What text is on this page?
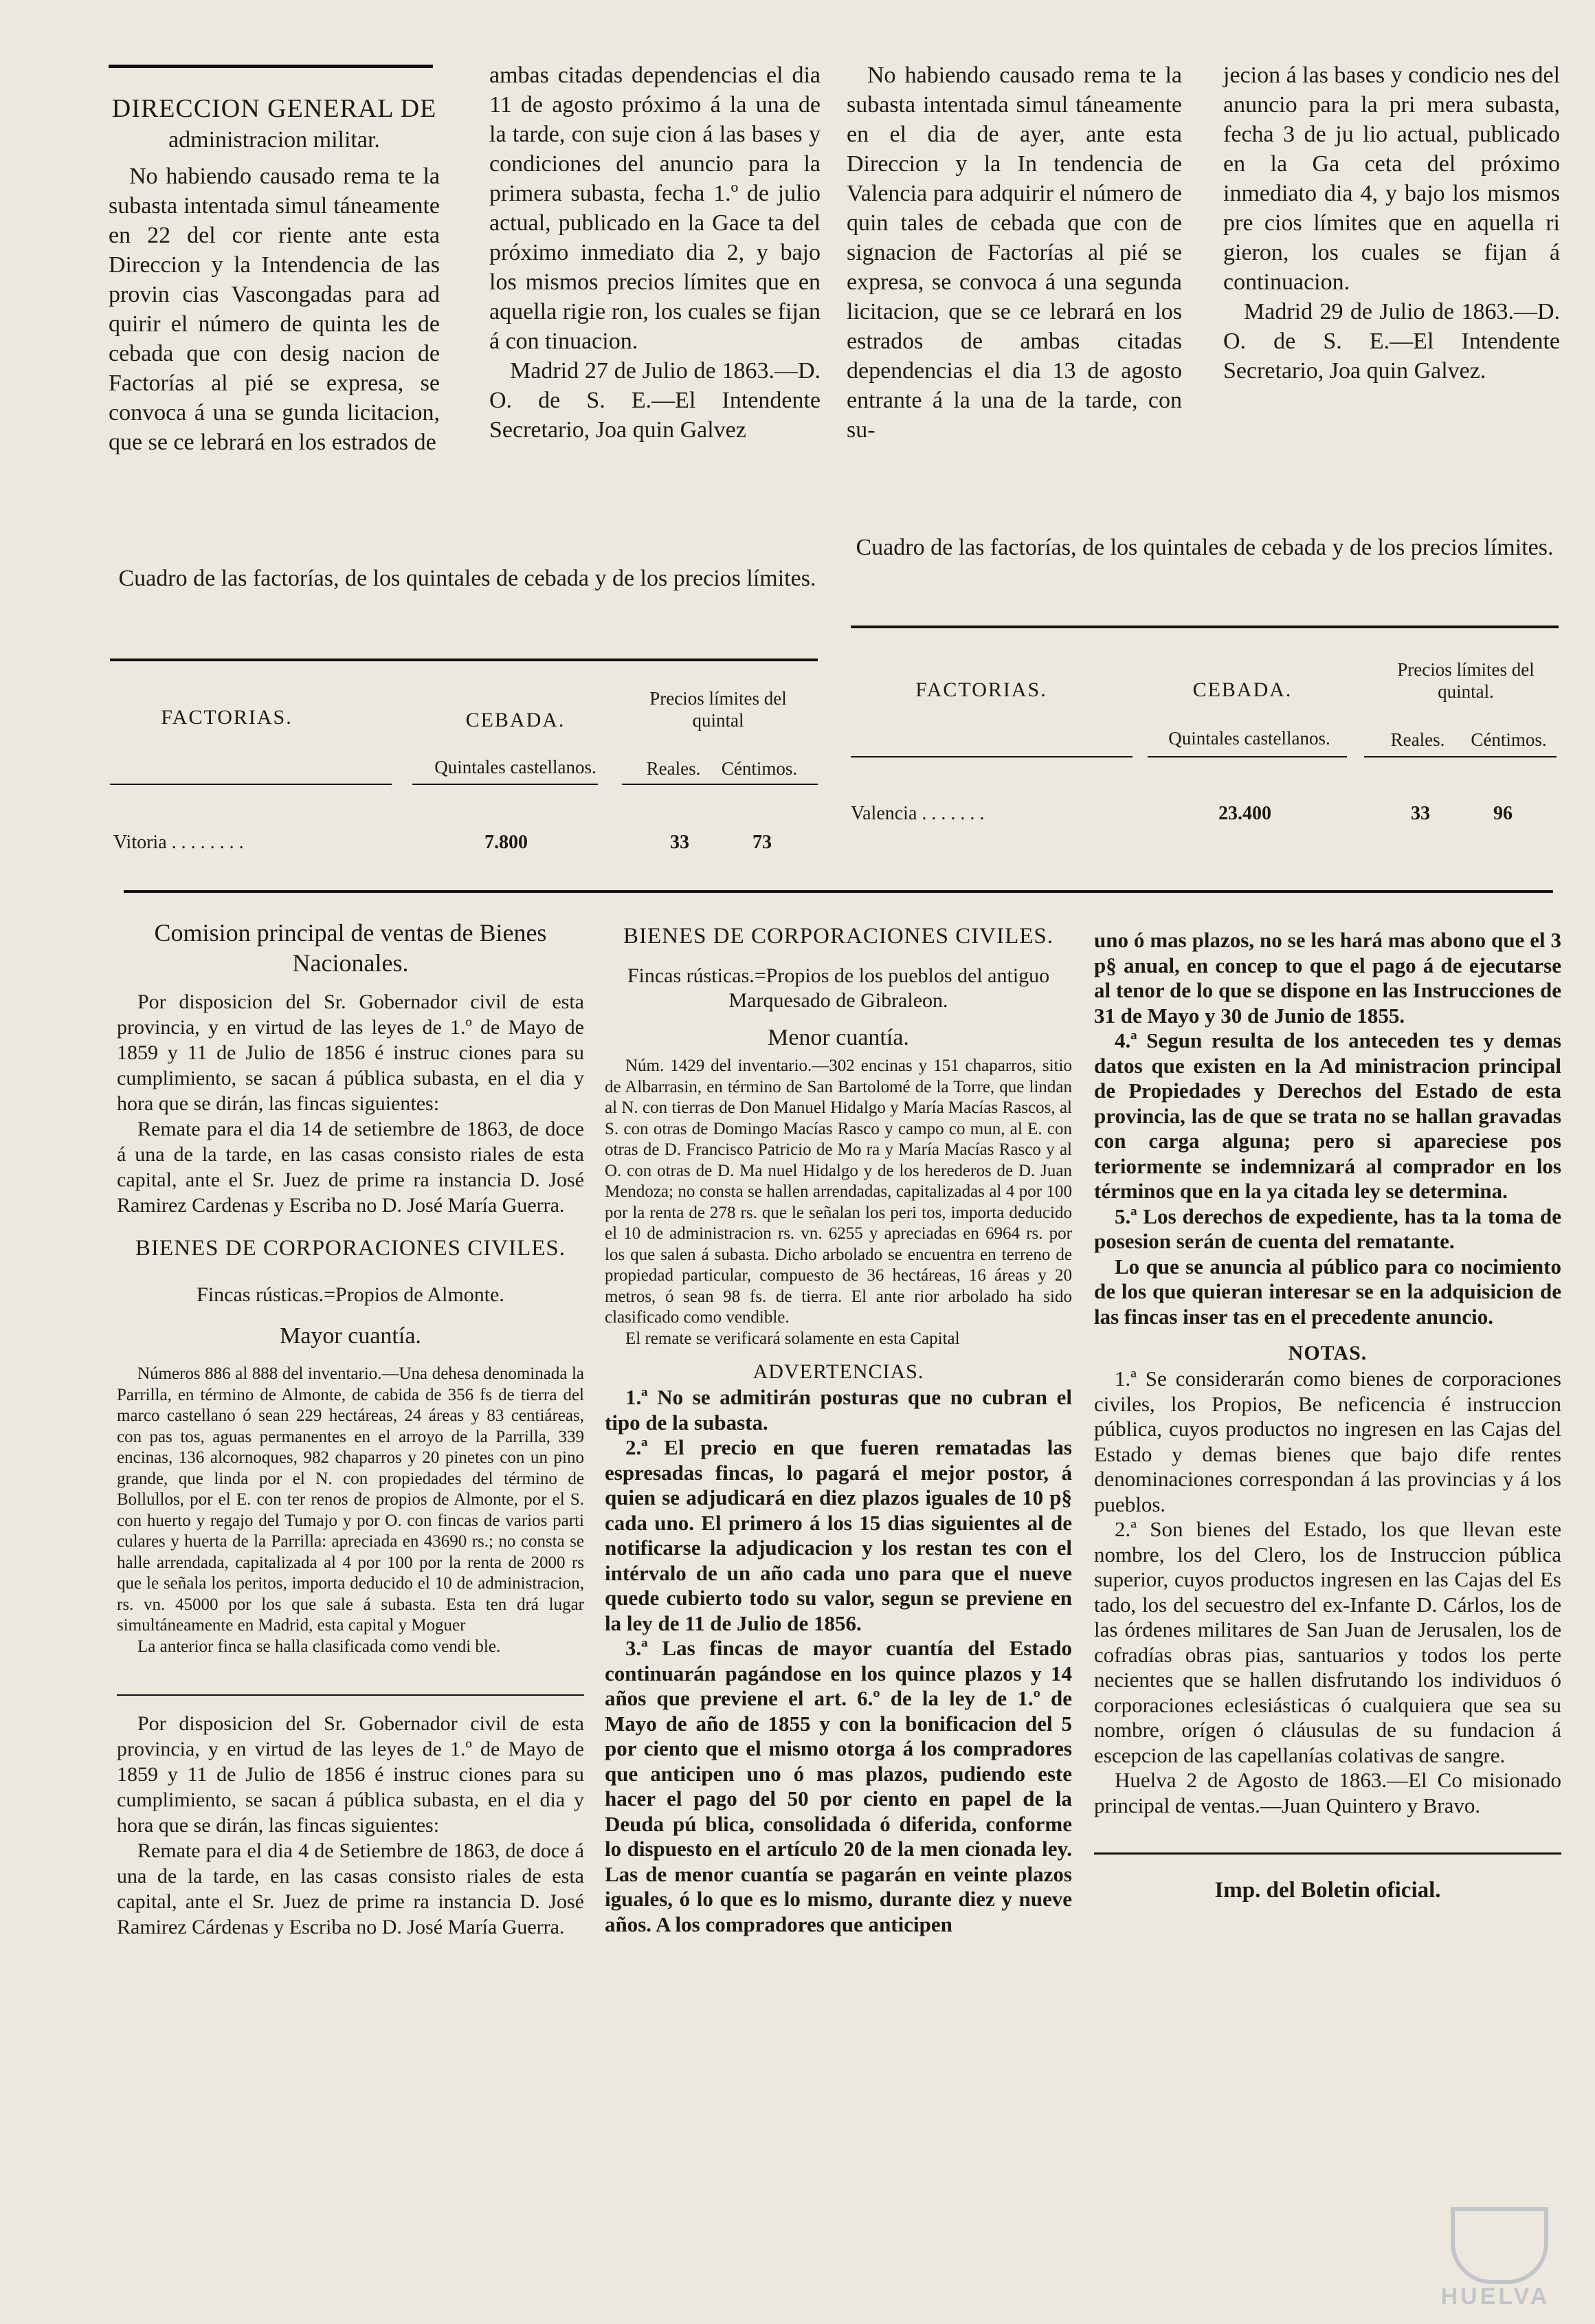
DIRECCION GENERAL DE
administracion militar.

No habiendo causado rema te la subasta intentada simul táneamente en 22 del cor riente ante esta Direccion y la Intendencia de las provin cias Vascongadas para ad quirir el número de quinta les de cebada que con desig nacion de Factorías al pié se expresa, se convoca á una se gunda licitacion, que se ce lebrará en los estrados de

ambas citadas dependencias el dia 11 de agosto próximo á la una de la tarde, con suje cion á las bases y condiciones del anuncio para la primera subasta, fecha 1.º de julio actual, publicado en la Gace ta del próximo inmediato dia 2, y bajo los mismos precios límites que en aquella rigie ron, los cuales se fijan á con tinuacion.

Madrid 27 de Julio de 1863.—D. O. de S. E.—El Intendente Secretario, Joa quin Galvez

No habiendo causado rema te la subasta intentada simul táneamente en el dia de ayer, ante esta Direccion y la In tendencia de Valencia para adquirir el número de quin tales de cebada que con de signacion de Factorías al pié se expresa, se convoca á una segunda licitacion, que se ce lebrará en los estrados de ambas citadas dependencias el dia 13 de agosto entrante á la una de la tarde, con su-

jecion á las bases y condicio nes del anuncio para la pri mera subasta, fecha 3 de ju lio actual, publicado en la Ga ceta del próximo inmediato dia 4, y bajo los mismos pre cios límites que en aquella ri gieron, los cuales se fijan á continuacion.

Madrid 29 de Julio de 1863.—D. O. de S. E.—El Intendente Secretario, Joa quin Galvez.

Cuadro de las factorías, de los quintales de cebada y de los precios límites.
FACTORIAS.	CEBADA.
Quintales castellanos.
Precios límites del quintal
Reales.	Céntimos.
Vitoria . . . . . . . .	7.800	33	73
Cuadro de las factorías, de los quintales de cebada y de los precios límites.
FACTORIAS.	CEBADA.
Quintales castellanos.
Precios límites del quintal.
Reales.	Céntimos.
Valencia . . . . . . .	23.400	33	96
Comision principal de ventas de Bienes Nacionales.

Por disposicion del Sr. Gobernador civil de esta provincia, y en virtud de las leyes de 1.º de Mayo de 1859 y 11 de Julio de 1856 é instruc ciones para su cumplimiento, se sacan á pública subasta, en el dia y hora que se dirán, las fincas siguientes:

Remate para el dia 14 de setiembre de 1863, de doce á una de la tarde, en las casas consisto riales de esta capital, ante el Sr. Juez de prime ra instancia D. José Ramirez Cardenas y Escriba no D. José María Guerra.

BIENES DE CORPORACIONES CIVILES.
Fincas rústicas.=Propios de Almonte.
Mayor cuantía.

Números 886 al 888 del inventario.—Una dehesa denominada la Parrilla, en término de Almonte, de cabida de 356 fs de tierra del marco castellano ó sean 229 hectáreas, 24 áreas y 83 centiáreas, con pas tos, aguas permanentes en el arroyo de la Parrilla, 339 encinas, 136 alcornoques, 982 chaparros y 20 pinetes con un pino grande, que linda por el N. con propiedades del término de Bollullos, por el E. con ter renos de propios de Almonte, por el S. con huerto y regajo del Tumajo y por O. con fincas de varios parti culares y huerta de la Parrilla: apreciada en 43690 rs.; no consta se halle arrendada, capitalizada al 4 por 100 por la renta de 2000 rs que le señala los peritos, importa deducido el 10 de administracion, rs. vn. 45000 por los que sale á subasta. Esta ten drá lugar simultáneamente en Madrid, esta capital y Moguer

La anterior finca se halla clasificada como vendi ble.

Por disposicion del Sr. Gobernador civil de esta provincia, y en virtud de las leyes de 1.º de Mayo de 1859 y 11 de Julio de 1856 é instruc ciones para su cumplimiento, se sacan á pública subasta, en el dia y hora que se dirán, las fincas siguientes:

Remate para el dia 4 de Setiembre de 1863, de doce á una de la tarde, en las casas consisto riales de esta capital, ante el Sr. Juez de prime ra instancia D. José Ramirez Cárdenas y Escriba no D. José María Guerra.

BIENES DE CORPORACIONES CIVILES.
Fincas rústicas.=Propios de los pueblos del antiguo Marquesado de Gibraleon.
Menor cuantía.

Núm. 1429 del inventario.—302 encinas y 151 chaparros, sitio de Albarrasin, en término de San Bartolomé de la Torre, que lindan al N. con tierras de Don Manuel Hidalgo y María Macías Rascos, al S. con otras de Domingo Macías Rasco y campo co mun, al E. con otras de D. Francisco Patricio de Mo ra y María Macías Rasco y al O. con otras de D. Ma nuel Hidalgo y de los herederos de D. Juan Mendoza; no consta se hallen arrendadas, capitalizadas al 4 por 100 por la renta de 278 rs. que le señalan los peri tos, importa deducido el 10 de administracion rs. vn. 6255 y apreciadas en 6964 rs. por los que salen á subasta. Dicho arbolado se encuentra en terreno de propiedad particular, compuesto de 36 hectáreas, 16 áreas y 20 metros, ó sean 98 fs. de tierra. El ante rior arbolado ha sido clasificado como vendible.

El remate se verificará solamente en esta Capital

ADVERTENCIAS.

1.ª No se admitirán posturas que no cubran el tipo de la subasta.

2.ª El precio en que fueren rematadas las espresadas fincas, lo pagará el mejor postor, á quien se adjudicará en diez plazos iguales de 10 p§ cada uno. El primero á los 15 dias siguientes al de notificarse la adjudicacion y los restan tes con el intérvalo de un año cada uno para que el nueve quede cubierto todo su valor, segun se previene en la ley de 11 de Julio de 1856.

3.ª Las fincas de mayor cuantía del Estado continuarán pagándose en los quince plazos y 14 años que previene el art. 6.º de la ley de 1.º de Mayo de año de 1855 y con la bonificacion del 5 por ciento que el mismo otorga á los compradores que anticipen uno ó mas plazos, pudiendo este hacer el pago del 50 por ciento en papel de la Deuda pú blica, consolidada ó diferida, conforme lo dispuesto en el artículo 20 de la men cionada ley. Las de menor cuantía se pagarán en veinte plazos iguales, ó lo que es lo mismo, durante diez y nueve años. A los compradores que anticipen

uno ó mas plazos, no se les hará mas abono que el 3 p§ anual, en concep to que el pago á de ejecutarse al tenor de lo que se dispone en las Instrucciones de 31 de Mayo y 30 de Junio de 1855.

4.ª Segun resulta de los anteceden tes y demas datos que existen en la Ad ministracion principal de Propiedades y Derechos del Estado de esta provincia, las de que se trata no se hallan gravadas con carga alguna; pero si apareciese pos teriormente se indemnizará al comprador en los términos que en la ya citada ley se determina.

5.ª Los derechos de expediente, has ta la toma de posesion serán de cuenta del rematante.

Lo que se anuncia al público para co nocimiento de los que quieran interesar se en la adquisicion de las fincas inser tas en el precedente anuncio.

NOTAS.

1.ª Se considerarán como bienes de corporaciones civiles, los Propios, Be neficencia é instruccion pública, cuyos productos no ingresen en las Cajas del Estado y demas bienes que bajo dife rentes denominaciones correspondan á las provincias y á los pueblos.

2.ª Son bienes del Estado, los que llevan este nombre, los del Clero, los de Instruccion pública superior, cuyos productos ingresen en las Cajas del Es tado, los del secuestro del ex-Infante D. Cárlos, los de las órdenes militares de San Juan de Jerusalen, los de cofradías obras pias, santuarios y todos los perte necientes que se hallen disfrutando los individuos ó corporaciones eclesiásticas ó cualquiera que sea su nombre, orígen ó cláusulas de su fundacion á escepcion de las capellanías colativas de sangre.

Huelva 2 de Agosto de 1863.—El Co misionado principal de ventas.—Juan Quintero y Bravo.

Imp. del Boletin oficial.
HUELVA
